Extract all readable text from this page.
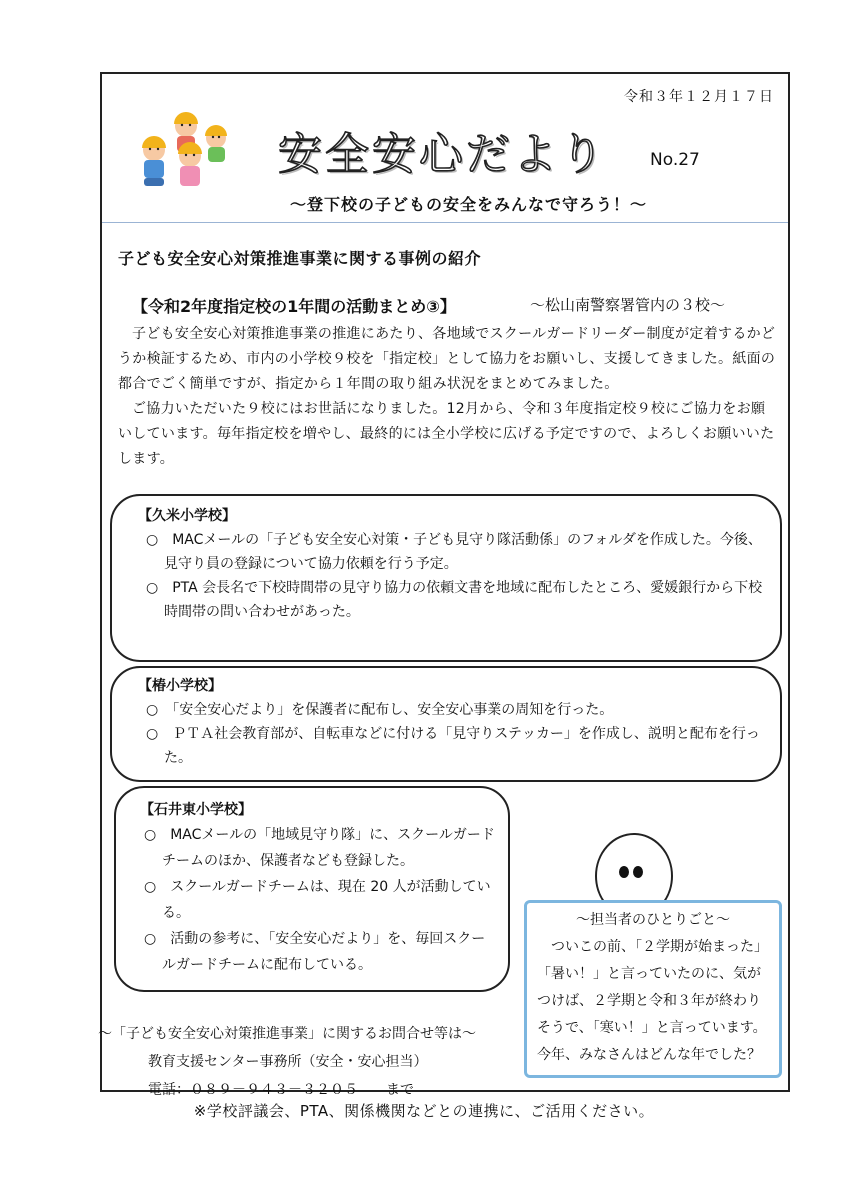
令和３年１２月１７日
安全安心だより	No.27
～登下校の子どもの安全をみんなで守ろう！～
子ども安全安心対策推進事業に関する事例の紹介
【令和2年度指定校の1年間の活動まとめ③】	～松山南警察署管内の３校～

子ども安全安心対策推進事業の推進にあたり、各地域でスクールガードリーダー制度が定着するかどうか検証するため、市内の小学校９校を「指定校」として協力をお願いし、支援してきました。紙面の都合でごく簡単ですが、指定から１年間の取り組み状況をまとめてみました。

ご協力いただいた９校にはお世話になりました。12月から、令和３年度指定校９校にご協力をお願いしています。毎年指定校を増やし、最終的には全小学校に広げる予定ですので、よろしくお願いいたします。

【久米小学校】

○　MACメールの「子ども安全安心対策・子ども見守り隊活動係」のフォルダを作成した。今後、見守り員の登録について協力依頼を行う予定。

○　PTA 会長名で下校時間帯の見守り協力の依頼文書を地域に配布したところ、愛媛銀行から下校時間帯の問い合わせがあった。

【椿小学校】

○　「安全安心だより」を保護者に配布し、安全安心事業の周知を行った。

○　ＰＴＡ社会教育部が、自転車などに付ける「見守りステッカー」を作成し、説明と配布を行った。

【石井東小学校】

○　MACメールの「地域見守り隊」に、スクールガードチームのほか、保護者なども登録した。

○　スクールガードチームは、現在 20 人が活動している。

○　活動の参考に、「安全安心だより」を、毎回スクールガードチームに配布している。

～担当者のひとりごと～

ついこの前、「２学期が始まった」

「暑い！」と言っていたのに、気が

つけば、２学期と令和３年が終わり

そうで、「寒い！」と言っています。

今年、みなさんはどんな年でした？

～「子ども安全安心対策推進事業」に関するお問合せ等は～
教育支援センター事務所（安全・安心担当）
電話：０８９－９４３－３２０５　　まで
※学校評議会、PTA、関係機関などとの連携に、ご活用ください。
